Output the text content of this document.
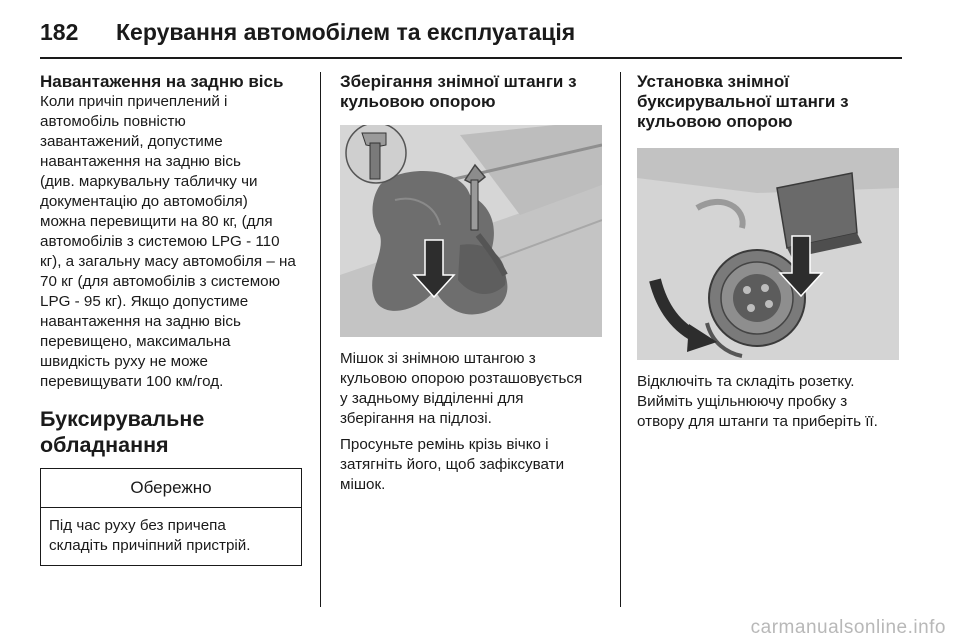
182	Керування автомобілем та експлуатація
Навантаження на задню вісь
Коли причіп причеплений і
автомобіль повністю
завантажений, допустиме
навантаження на задню вісь
(див. маркувальну табличку чи
документацію до автомобіля)
можна перевищити на 80 кг, (для
автомобілів з системою LPG - 110
кг), а загальну масу автомобіля – на
70 кг (для автомобілів з системою
LPG - 95 кг). Якщо допустиме
навантаження на задню вісь
перевищено, максимальна
швидкість руху не може
перевищувати 100 км/год.
Буксирувальне
обладнання
Обережно
Під час руху без причепа
складіть причіпний пристрій.
Зберігання знімної штанги з
кульовою опорою
Мішок зі знімною штангою з
кульовою опорою розташовується
у задньому відділенні для
зберігання на підлозі.
Просуньте ремінь крізь вічко і
затягніть його, щоб зафіксувати
мішок.
Установка знімної
буксирувальної штанги з
кульовою опорою
Відключіть та складіть розетку.
Вийміть ущільнюючу пробку з
отвору для штанги та приберіть її.
carmanualsonline.info
